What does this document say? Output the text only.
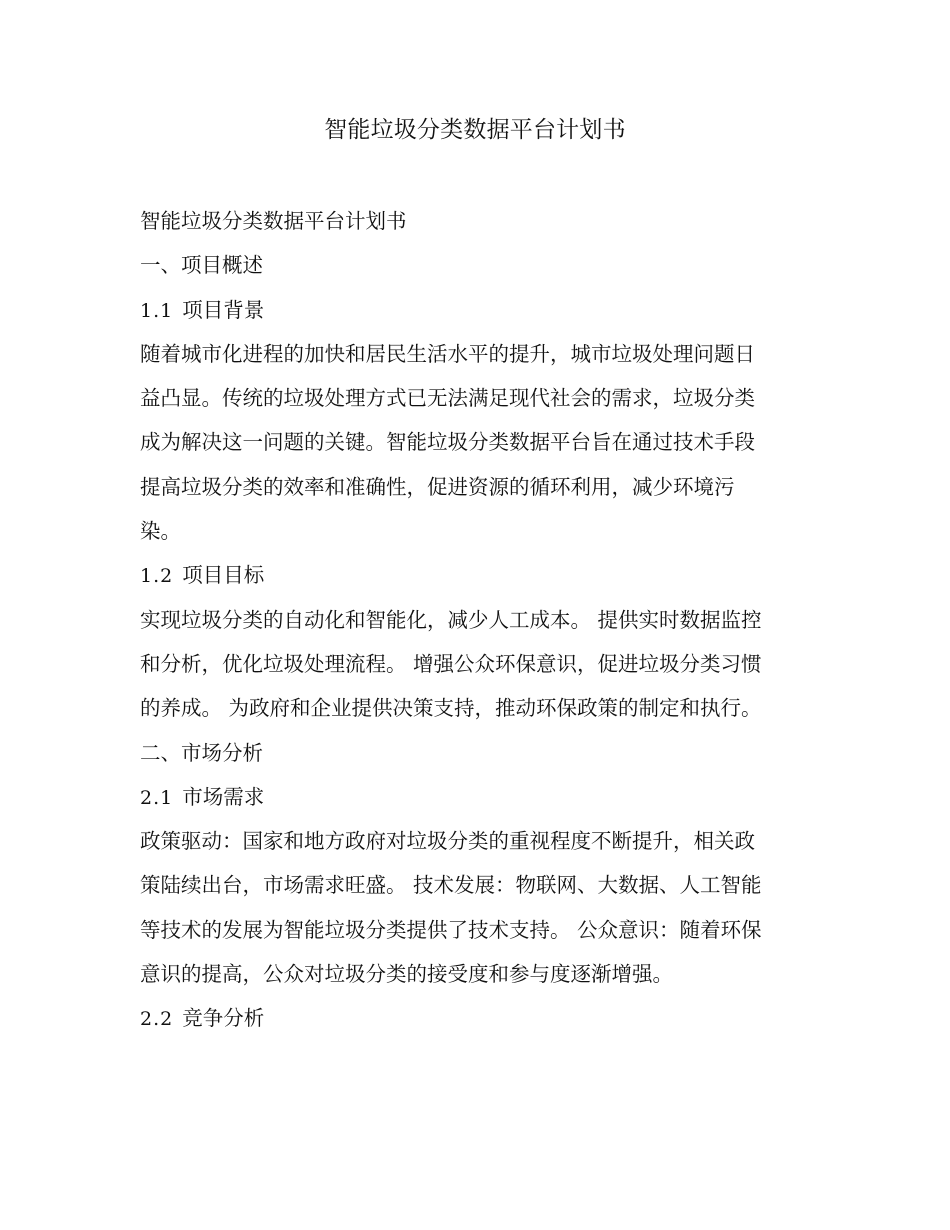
智能垃圾分类数据平台计划书
智能垃圾分类数据平台计划书
一、项目概述
1.1 项目背景
随着城市化进程的加快和居民生活水平的提升，城市垃圾处理问题日
益凸显。传统的垃圾处理方式已无法满足现代社会的需求，垃圾分类
成为解决这一问题的关键。智能垃圾分类数据平台旨在通过技术手段
提高垃圾分类的效率和准确性，促进资源的循环利用，减少环境污
染。
1.2 项目目标
实现垃圾分类的自动化和智能化，减少人工成本。 提供实时数据监控
和分析，优化垃圾处理流程。 增强公众环保意识，促进垃圾分类习惯
的养成。 为政府和企业提供决策支持，推动环保政策的制定和执行。
二、市场分析
2.1 市场需求
政策驱动：国家和地方政府对垃圾分类的重视程度不断提升，相关政
策陆续出台，市场需求旺盛。 技术发展：物联网、大数据、人工智能
等技术的发展为智能垃圾分类提供了技术支持。 公众意识：随着环保
意识的提高，公众对垃圾分类的接受度和参与度逐渐增强。
2.2 竞争分析
